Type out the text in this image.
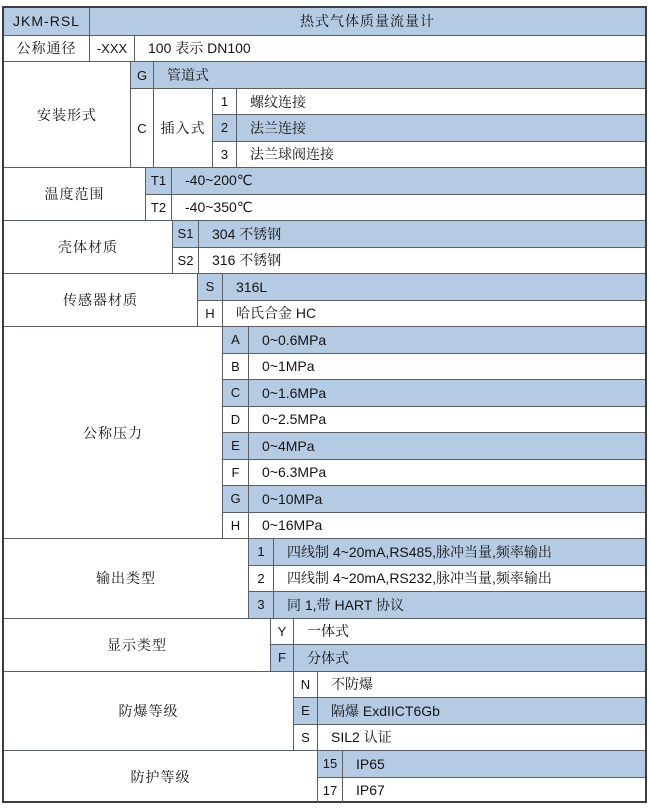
JKM-RSL	热式气体质量流量计
公称通径	-XXX	100 表示 DN100
安装形式
G	管道式
C 插入式
1	螺纹连接
2	法兰连接
3	法兰球阀连接
温度范围
T1	-40~200℃
T2	-40~350℃
壳体材质
S1	304 不锈钢
S2	316 不锈钢
传感器材质
S	316L
H	哈氏合金 HC
公称压力
A	0~0.6MPa
B	0~1MPa
C	0~1.6MPa
D	0~2.5MPa
E	0~4MPa
F	0~6.3MPa
G	0~10MPa
H	0~16MPa
输出类型
1	四线制 4~20mA,RS485,脉冲当量,频率输出
2	四线制 4~20mA,RS232,脉冲当量,频率输出
3	同 1,带 HART 协议
显示类型
Y	一体式
F	分体式
防爆等级
N	不防爆
E	隔爆 ExdIICT6Gb
S	SIL2 认证
防护等级
15	IP65
17	IP67
